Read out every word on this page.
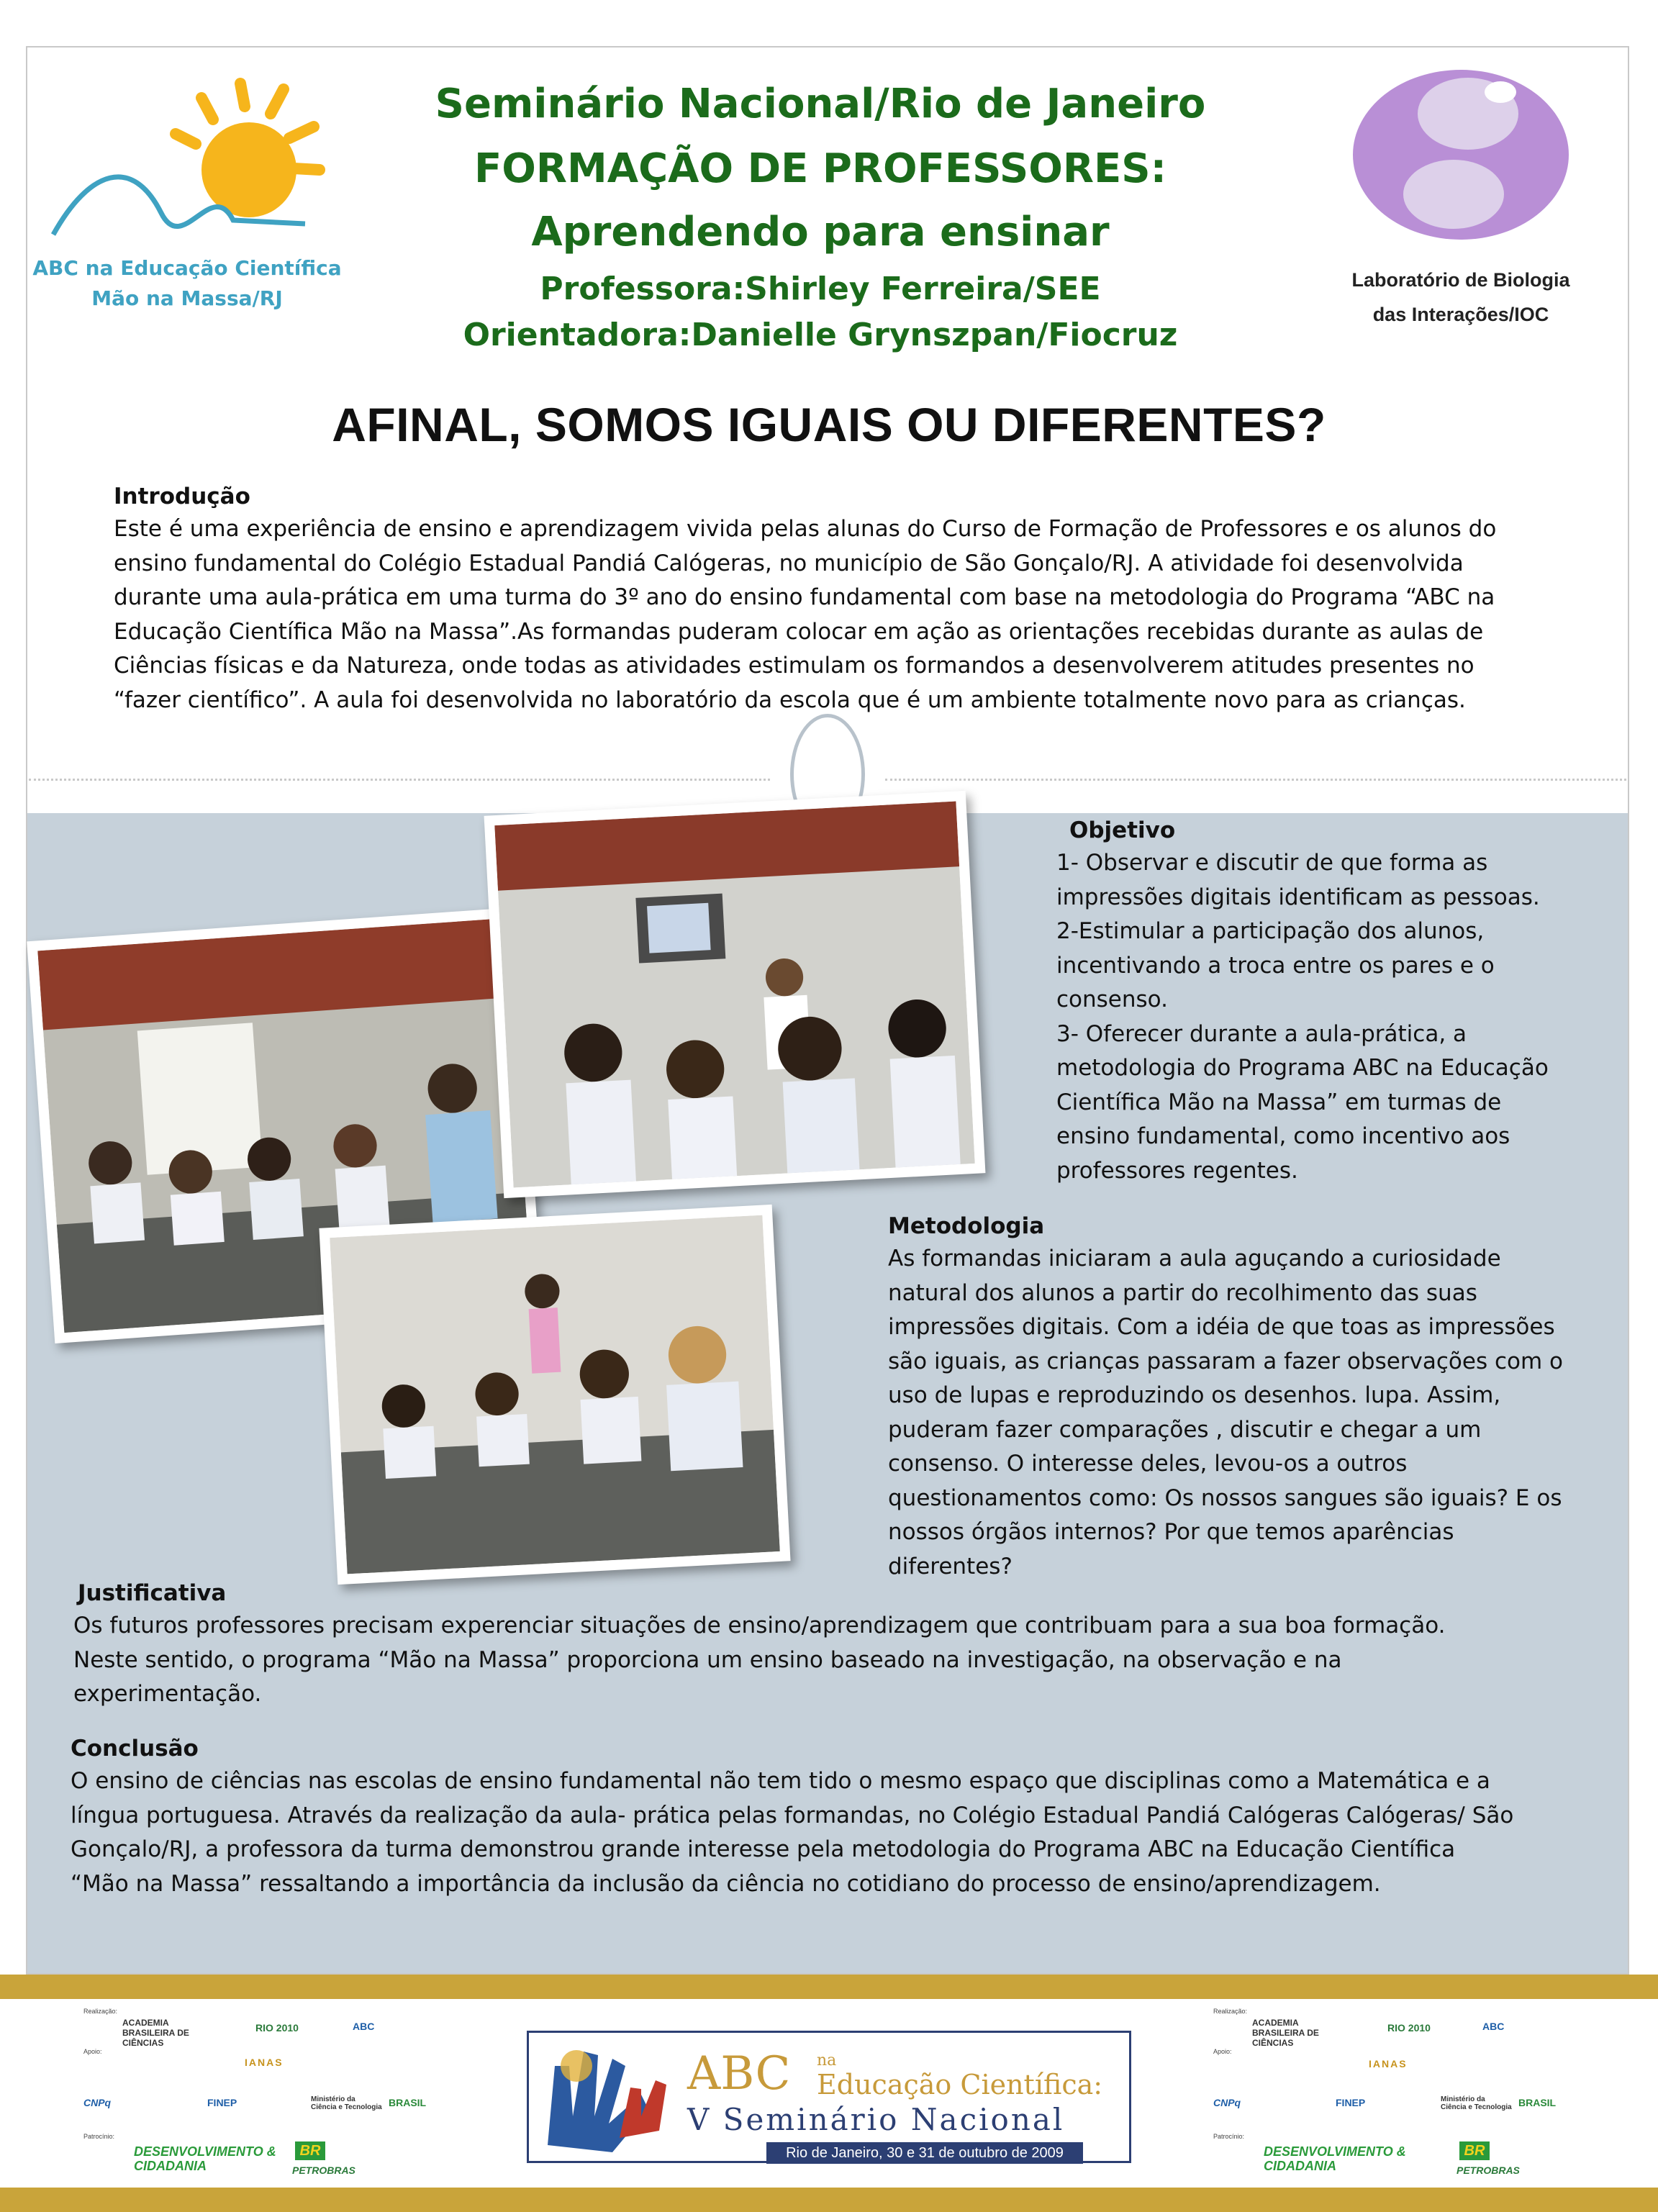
ABC na Educação Científica
Mão na Massa/RJ
Laboratório de Biologia
das Interações/IOC
Seminário Nacional/Rio de Janeiro
FORMAÇÃO DE PROFESSORES:
Aprendendo para ensinar
Professora:Shirley Ferreira/SEE
Orientadora:Danielle Grynszpan/Fiocruz
AFINAL, SOMOS IGUAIS OU DIFERENTES?
Introdução

Este é uma experiência de ensino e aprendizagem vivida pelas alunas do Curso de Formação de Professores e os alunos do

ensino fundamental do Colégio Estadual Pandiá Calógeras, no município de São Gonçalo/RJ. A atividade foi desenvolvida

durante uma aula-prática em uma turma do 3º ano do ensino fundamental com base na metodologia do Programa “ABC na

Educação Científica Mão na Massa”.As formandas puderam colocar em ação as orientações recebidas durante as aulas de

Ciências físicas e da Natureza, onde todas as atividades estimulam os formandos a desenvolverem atitudes presentes no

“fazer científico”. A aula foi desenvolvida no laboratório da escola que é um ambiente totalmente novo para as crianças.

Objetivo

1- Observar e discutir de que forma as

impressões digitais identificam as pessoas.

2-Estimular a participação dos alunos,

incentivando a troca entre os pares e o

consenso.

3- Oferecer durante a aula-prática, a

metodologia do Programa ABC na Educação

Científica Mão na Massa” em turmas de

ensino fundamental, como incentivo aos

professores regentes.

Metodologia

As formandas iniciaram a aula aguçando a curiosidade

natural dos alunos a partir do recolhimento das suas

impressões digitais. Com a idéia de que toas as impressões

são iguais, as crianças passaram a fazer observações com o

uso de lupas e reproduzindo os desenhos. lupa. Assim,

puderam fazer comparações , discutir e chegar a um

consenso. O interesse deles, levou-os a outros

questionamentos como: Os nossos sangues são iguais? E os

nossos órgãos internos? Por que temos aparências

diferentes?

Justificativa

Os futuros professores precisam experenciar situações de ensino/aprendizagem que contribuam para a sua boa formação.

Neste sentido, o programa “Mão na Massa” proporciona um ensino baseado na investigação, na observação e na

experimentação.

Conclusão

O ensino de ciências nas escolas de ensino fundamental não tem tido o mesmo espaço que disciplinas como a Matemática e a

língua portuguesa. Através da realização da aula- prática pelas formandas, no Colégio Estadual Pandiá Calógeras Calógeras/ São

Gonçalo/RJ, a professora da turma demonstrou grande interesse pela metodologia do Programa ABC na Educação Científica

“Mão na Massa” ressaltando a importância da inclusão da ciência no cotidiano do processo de ensino/aprendizagem.

Realização:
ACADEMIA BRASILEIRA DE CIÊNCIAS
RIO 2010	ABC
Apoio:
IANAS
CNPq	FINEP	Ministério da Ciência e Tecnologia BRASIL
Patrocínio:
DESENVOLVIMENTO & CIDADANIA
BR
PETROBRAS
ABC na
Educação Científica:
V Seminário Nacional
Rio de Janeiro, 30 e 31 de outubro de 2009
Realização:
ACADEMIA BRASILEIRA DE CIÊNCIAS
RIO 2010	ABC
Apoio:
IANAS
CNPq	FINEP	Ministério da Ciência e Tecnologia BRASIL
Patrocínio:
DESENVOLVIMENTO & CIDADANIA
BR
PETROBRAS
